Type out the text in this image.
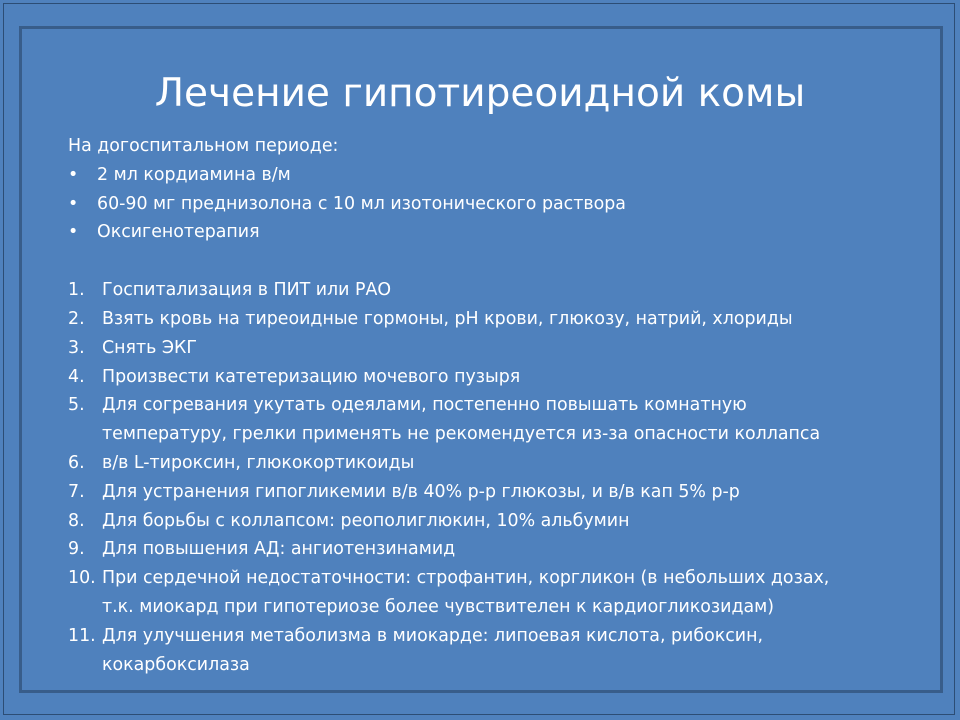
Лечение гипотиреоидной комы
На догоспитальном периоде:
•	2 мл кордиамина в/м
•	60-90 мг преднизолона с 10 мл изотонического раствора
•	Оксигенотерапия
1.	Госпитализация в ПИТ или РАО
2.	Взять кровь на тиреоидные гормоны, рН крови, глюкозу, натрий, хлориды
3.	Снять ЭКГ
4.	Произвести катетеризацию мочевого пузыря
5.	Для согревания укутать одеялами, постепенно повышать комнатную
температуру, грелки применять не рекомендуется из-за опасности коллапса
6.	в/в L-тироксин, глюкокортикоиды
7.	Для устранения гипогликемии в/в 40% р-р глюкозы, и в/в кап 5% р-р
8.	Для борьбы с коллапсом: реополиглюкин, 10% альбумин
9.	Для повышения АД: ангиотензинамид
10. При сердечной недостаточности: строфантин, коргликон (в небольших дозах,
т.к. миокард при гипотериозе более чувствителен к кардиогликозидам)
11. Для улучшения метаболизма в миокарде: липоевая кислота, рибоксин,
кокарбоксилаза
